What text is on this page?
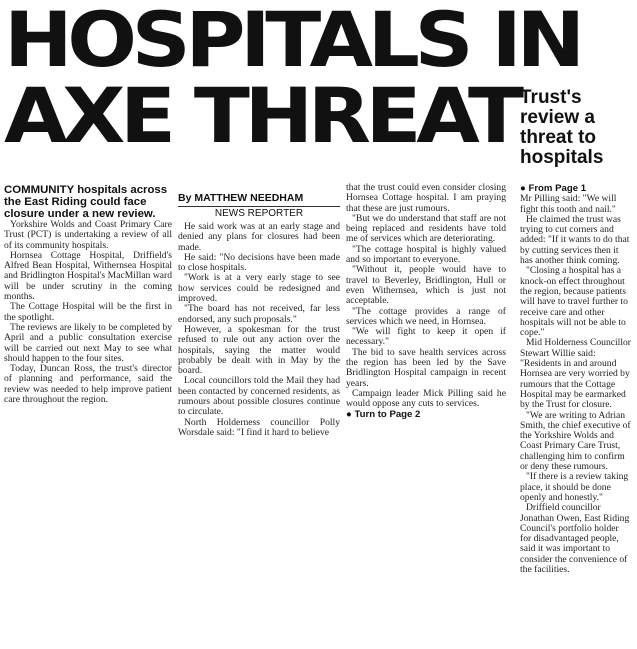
HOSPITALS IN
AXE THREAT Trust's review a threat to hospitals

COMMUNITY hospitals across the East Riding could face closure under a new review.

Yorkshire Wolds and Coast Primary Care Trust (PCT) is undertaking a review of all of its community hospitals.

Hornsea Cottage Hospital, Driffield's Alfred Bean Hospital, Withernsea Hospital and Bridlington Hospital's MacMillan ward will be under scrutiny in the coming months.

The Cottage Hospital will be the first in the spotlight.

The reviews are likely to be completed by April and a public consultation exercise will be carried out next May to see what should happen to the four sites.

Today, Duncan Ross, the trust's director of planning and performance, said the review was needed to help improve patient care throughout the region.

By MATTHEW NEEDHAM
NEWS REPORTER

He said work was at an early stage and denied any plans for closures had been made.

He said: "No decisions have been made to close hospitals.

"Work is at a very early stage to see how services could be redesigned and improved.

"The board has not received, far less endorsed, any such proposals."

However, a spokesman for the trust refused to rule out any action over the hospitals, saying the matter would probably be dealt with in May by the board.

Local councillors told the Mail they had been contacted by concerned residents, as rumours about possible closures continue to circulate.

North Holderness councillor Polly Worsdale said: "I find it hard to believe

that the trust could even consider closing Hornsea Cottage hospital. I am praying that these are just rumours.

"But we do understand that staff are not being replaced and residents have told me of services which are deteriorating.

"The cottage hospital is highly valued and so important to everyone.

"Without it, people would have to travel to Beverley, Bridlington, Hull or even Withernsea, which is just not acceptable.

"The cottage provides a range of services which we need, in Hornsea.

"We will fight to keep it open if necessary."

The bid to save health services across the region has been led by the Save Bridlington Hospital campaign in recent years.

Campaign leader Mick Pilling said he would oppose any cuts to services.

● Turn to Page 2

● From Page 1

Mr Pilling said: "We will fight this tooth and nail."

He claimed the trust was trying to cut corners and added: "If it wants to do that by cutting services then it has another think coming.

"Closing a hospital has a knock-on effect throughout the region, because patients will have to travel further to receive care and other hospitals will not be able to cope."

Mid Holderness Councillor Stewart Willie said: "Residents in and around Hornsea are very worried by rumours that the Cottage Hospital may be earmarked by the Trust for closure.

"We are writing to Adrian Smith, the chief executive of the Yorkshire Wolds and Coast Primary Care Trust, challenging him to confirm or deny these rumours.

"If there is a review taking place, it should be done openly and honestly."

Driffield councillor Jonathan Owen, East Riding Council's portfolio holder for disadvantaged people, said it was important to consider the convenience of the facilities.
